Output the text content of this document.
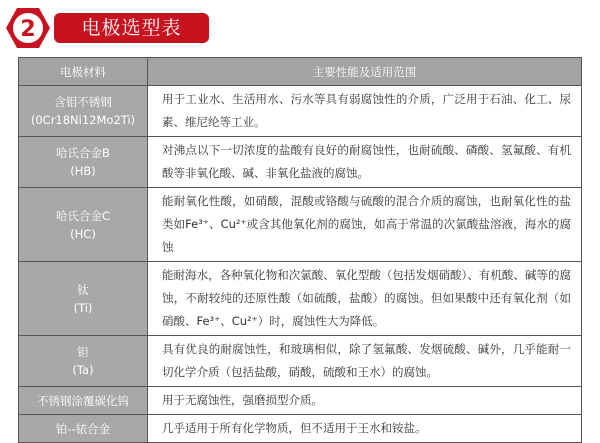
2	电极选型表
电极材料	主要性能及适用范围

含钼不锈钢
(0Cr18Ni12Mo2Ti)	用于工业水、生活用水、污水等具有弱腐蚀性的介质，广泛用于石油、化工、尿素、维尼纶等工业。

哈氏合金B
(HB)	对沸点以下一切浓度的盐酸有良好的耐腐蚀性，也耐硫酸、磷酸、氢氟酸、有机酸等非氧化酸、碱、非氧化盐液的腐蚀。

哈氏合金C
(HC)	能耐氧化性酸，如硝酸，混酸或铬酸与硫酸的混合介质的腐蚀，也耐氧化性的盐类如Fe³⁺、Cu²⁺或含其他氧化剂的腐蚀，如高于常温的次氯酸盐溶液，海水的腐蚀

钛
(Ti)	能耐海水，各种氧化物和次氯酸、氧化型酸（包括发烟硝酸）、有机酸、碱等的腐蚀，不耐较纯的还原性酸（如硫酸，盐酸）的腐蚀。但如果酸中还有氧化剂（如硝酸、Fe³⁺、Cu²⁺）时，腐蚀性大为降低。

钽
(Ta)	具有优良的耐腐蚀性，和玻璃相似，除了氢氟酸、发烟硫酸、碱外，几乎能耐一切化学介质（包括盐酸，硝酸，硫酸和王水）的腐蚀。
不锈钢涂覆碳化钨	用于无腐蚀性，强磨损型介质。
铂--铱合金	几乎适用于所有化学物质，但不适用于王水和铵盐。
